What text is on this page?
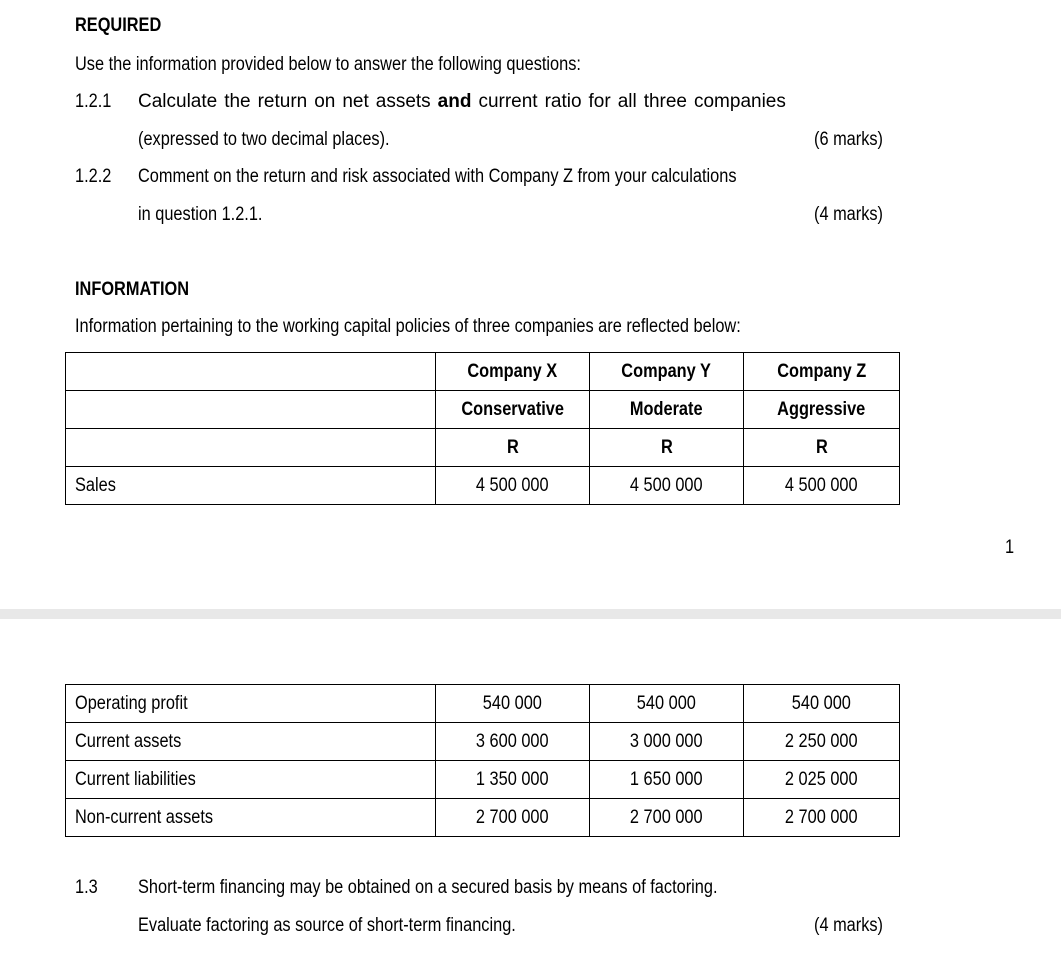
REQUIRED
Use the information provided below to answer the following questions:
1.2.1	Calculate the return on net assets and current ratio for all three companies
(expressed to two decimal places).	(6 marks)
1.2.2	Comment on the return and risk associated with Company Z from your calculations
in question 1.2.1.	(4 marks)
INFORMATION
Information pertaining to the working capital policies of three companies are reflected below:
	Company X	Company Y	Company Z
	Conservative	Moderate	Aggressive
	R	R	R
Sales	4 500 000	4 500 000	4 500 000
1
Operating profit	540 000	540 000	540 000
Current assets	3 600 000	3 000 000	2 250 000
Current liabilities	1 350 000	1 650 000	2 025 000
Non-current assets	2 700 000	2 700 000	2 700 000
1.3 Short-term financing may be obtained on a secured basis by means of factoring.
Evaluate factoring as source of short-term financing.	(4 marks)
